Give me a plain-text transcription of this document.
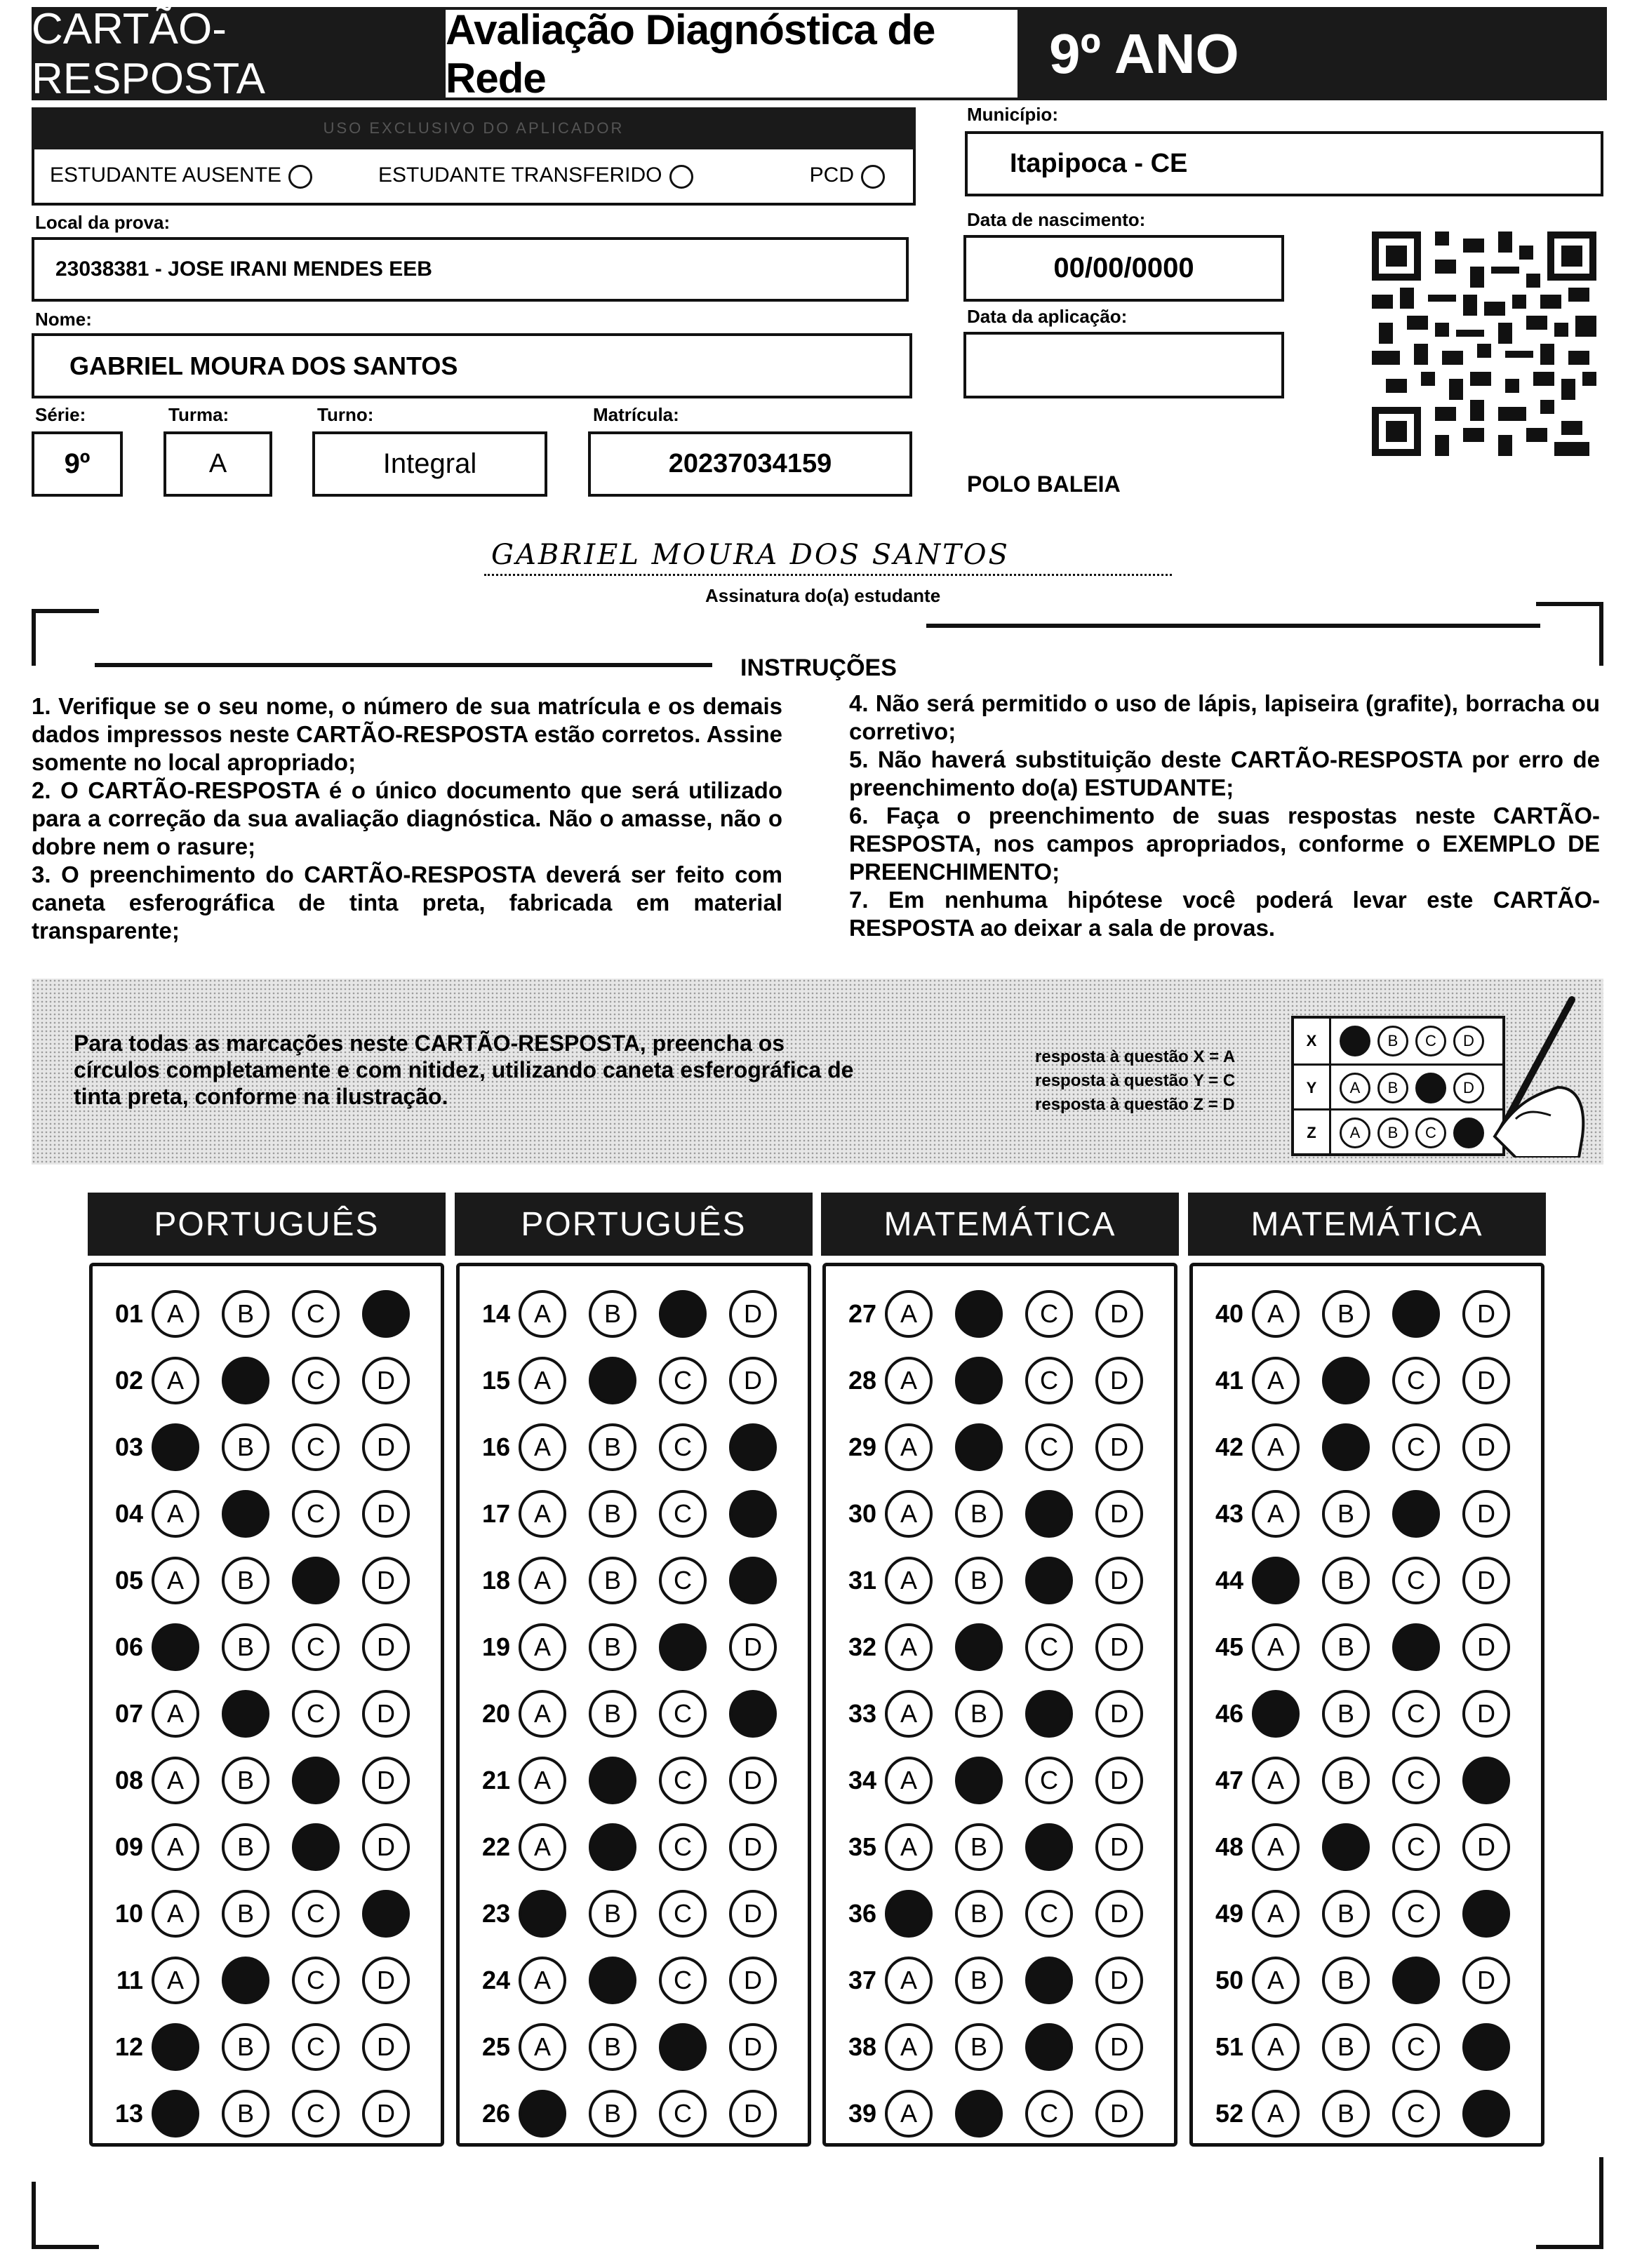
CARTÃO-RESPOSTA
Avaliação Diagnóstica de Rede	9º ANO
USO EXCLUSIVO DO APLICADOR
ESTUDANTE AUSENTE	ESTUDANTE TRANSFERIDO	PCD
Município:
Itapipoca - CE
Local da prova:
23038381 - JOSE IRANI MENDES EEB
Data de nascimento:
00/00/0000
Nome:
GABRIEL MOURA DOS SANTOS
Data da aplicação:
Série:
9º
Turma:
A
Turno:
Integral
Matrícula:
20237034159
POLO BALEIA
GABRIEL MOURA DOS SANTOS
Assinatura do(a) estudante
INSTRUÇÕES

1. Verifique se o seu nome, o número de sua matrícula e os demais dados impressos neste CARTÃO-RESPOSTA estão corretos. Assine somente no local apropriado;

2. O CARTÃO-RESPOSTA é o único documento que será utilizado para a correção da sua avaliação diagnóstica. Não o amasse, não o dobre nem o rasure;

3. O preenchimento do CARTÃO-RESPOSTA deverá ser feito com caneta esferográfica de tinta preta, fabricada em material transparente;

4. Não será permitido o uso de lápis, lapiseira (grafite), borracha ou corretivo;

5. Não haverá substituição deste CARTÃO-RESPOSTA por erro de preenchimento do(a) ESTUDANTE;

6. Faça o preenchimento de suas respostas neste CARTÃO-RESPOSTA, nos campos apropriados, conforme o EXEMPLO DE PREENCHIMENTO;

7. Em nenhuma hipótese você poderá levar este CARTÃO-RESPOSTA ao deixar a sala de provas.

Para todas as marcações neste CARTÃO-RESPOSTA, preencha os círculos completamente e com nitidez, utilizando caneta esferográfica de tinta preta, conforme na ilustração.
resposta à questão X = A
resposta à questão Y = C
resposta à questão Z = D
X	B	C	D
Y	A	B	D
Z	A	B	C
PORTUGUÊS
01 A	B	C
02 A	C	D
03	B	C	D
04 A	C	D
05 A	B	D
06	B	C	D
07 A	C	D
08 A	B	D
09 A	B	D
10 A	B	C
11 A	C	D
12	B	C	D
13	B	C	D
PORTUGUÊS
14 A	B	D
15 A	C	D
16 A	B	C
17 A	B	C
18 A	B	C
19 A	B	D
20 A	B	C
21 A	C	D
22 A	C	D
23	B	C	D
24 A	C	D
25 A	B	D
26	B	C	D
MATEMÁTICA
27 A	C	D
28 A	C	D
29 A	C	D
30 A	B	D
31 A	B	D
32 A	C	D
33 A	B	D
34 A	C	D
35 A	B	D
36	B	C	D
37 A	B	D
38 A	B	D
39 A	C	D
MATEMÁTICA
40 A	B	D
41 A	C	D
42 A	C	D
43 A	B	D
44	B	C	D
45 A	B	D
46	B	C	D
47 A	B	C
48 A	C	D
49 A	B	C
50 A	B	D
51 A	B	C
52 A	B	C
